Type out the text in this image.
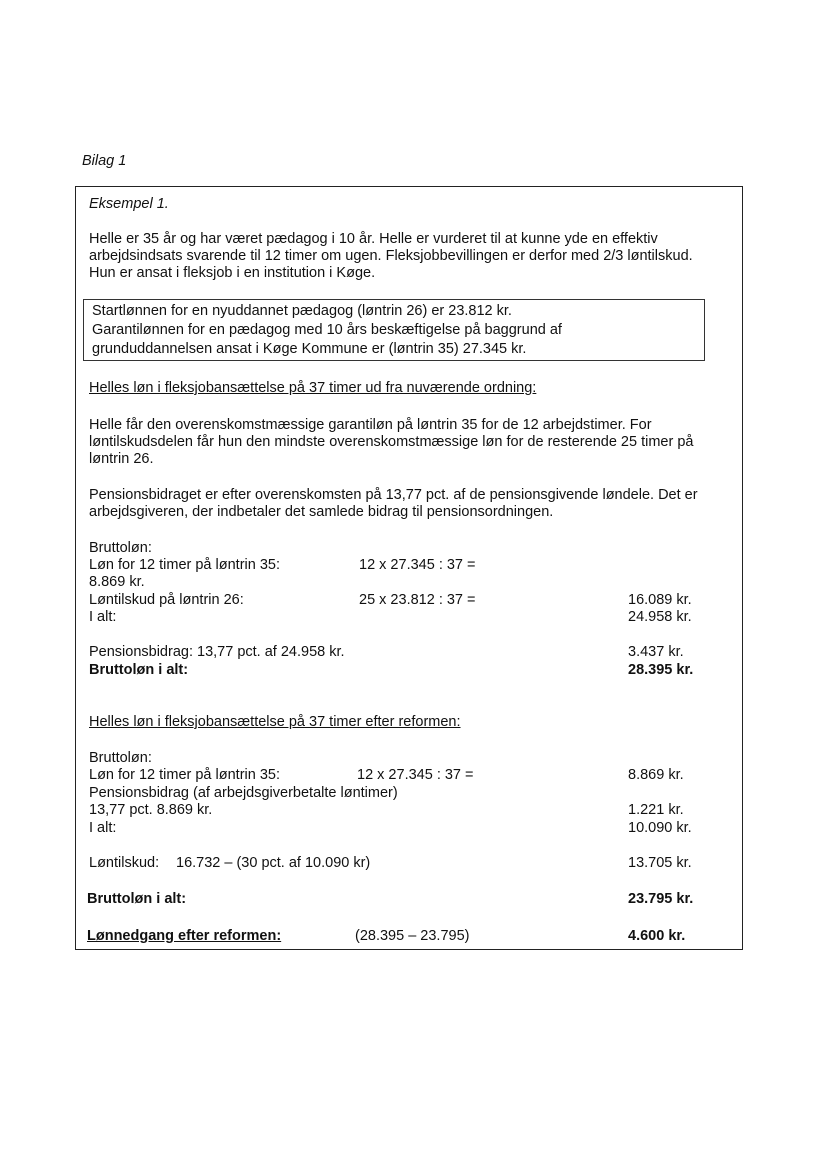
Bilag 1
Eksempel 1.
Helle er 35 år og har været pædagog i 10 år. Helle er vurderet til at kunne yde en effektiv
arbejdsindsats svarende til 12 timer om ugen. Fleksjobbevillingen er derfor med 2/3 løntilskud.
Hun er ansat i fleksjob i en institution i Køge.
Startlønnen for en nyuddannet pædagog (løntrin 26) er 23.812 kr.
Garantilønnen for en pædagog med 10 års beskæftigelse på baggrund af
grunduddannelsen ansat i Køge Kommune er (løntrin 35) 27.345 kr.
Helles løn i fleksjobansættelse på 37 timer ud fra nuværende ordning:
Helle får den overenskomstmæssige garantiløn på løntrin 35 for de 12 arbejdstimer. For
løntilskudsdelen får hun den mindste overenskomstmæssige løn for de resterende 25 timer på
løntrin 26.
Pensionsbidraget er efter overenskomsten på 13,77 pct. af de pensionsgivende løndele. Det er
arbejdsgiveren, der indbetaler det samlede bidrag til pensionsordningen.
Bruttoløn:
Løn for 12 timer på løntrin 35:	12 x 27.345 : 37 =
8.869 kr.
Løntilskud på løntrin 26:	25 x 23.812 : 37 =	16.089 kr.
I alt:	24.958 kr.
Pensionsbidrag: 13,77 pct. af 24.958 kr.	3.437 kr.
Bruttoløn i alt:	28.395 kr.
Helles løn i fleksjobansættelse på 37 timer efter reformen:
Bruttoløn:
Løn for 12 timer på løntrin 35:	12 x 27.345 : 37 =	8.869 kr.
Pensionsbidrag (af arbejdsgiverbetalte løntimer)
13,77 pct. 8.869 kr.	1.221 kr.
I alt:	10.090 kr.
Løntilskud: 16.732 – (30 pct. af 10.090 kr)	13.705 kr.
Bruttoløn i alt:	23.795 kr.
Lønnedgang efter reformen:	(28.395 – 23.795)	4.600 kr.
